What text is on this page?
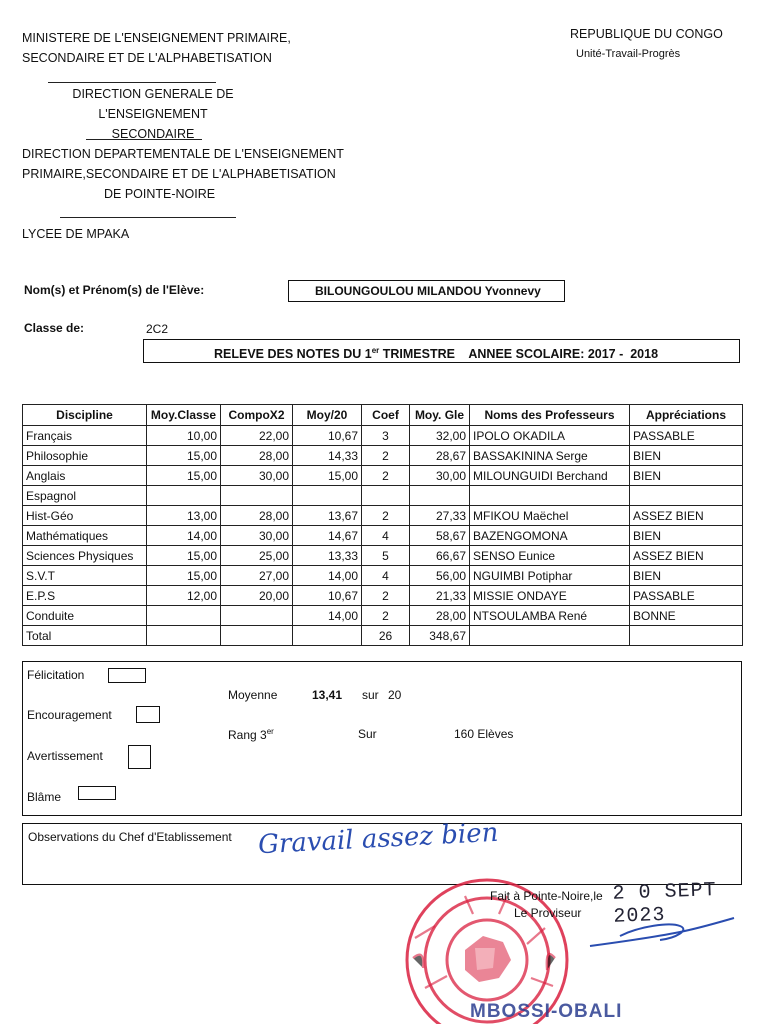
MINISTERE DE L'ENSEIGNEMENT PRIMAIRE,
SECONDAIRE ET DE L'ALPHABETISATION
DIRECTION GENERALE DE L'ENSEIGNEMENT
SECONDAIRE
DIRECTION DEPARTEMENTALE DE L'ENSEIGNEMENT
PRIMAIRE,SECONDAIRE ET DE L'ALPHABETISATION
DE POINTE-NOIRE
LYCEE DE MPAKA
REPUBLIQUE DU CONGO
Unité-Travail-Progrès
Nom(s) et Prénom(s) de l'Elève:	BILOUNGOULOU MILANDOU Yvonnevy
Classe de:	2C2
RELEVE DES NOTES DU 1er TRIMESTRE    ANNEE SCOLAIRE: 2017 -  2018
Discipline	Moy.Classe	CompoX2	Moy/20	Coef	Moy. Gle	Noms des Professeurs	Appréciations
Français	10,00	22,00	10,67	3	32,00	IPOLO OKADILA	PASSABLE
Philosophie	15,00	28,00	14,33	2	28,67	BASSAKININA Serge	BIEN
Anglais	15,00	30,00	15,00	2	30,00	MILOUNGUIDI Berchand	BIEN
Espagnol							
Hist-Géo	13,00	28,00	13,67	2	27,33	MFIKOU Maëchel	ASSEZ BIEN
Mathématiques	14,00	30,00	14,67	4	58,67	BAZENGOMONA	BIEN
Sciences Physiques	15,00	25,00	13,33	5	66,67	SENSO Eunice	ASSEZ BIEN
S.V.T	15,00	27,00	14,00	4	56,00	NGUIMBI Potiphar	BIEN
E.P.S	12,00	20,00	10,67	2	21,33	MISSIE ONDAYE	PASSABLE
Conduite			14,00	2	28,00	NTSOULAMBA René	BONNE
Total				26	348,67		
Félicitation
Encouragement
Avertissement
Blâme
Moyenne	13,41 sur 20
Rang 3er	Sur	160 Elèves
Observations du Chef d'Etablissement Gravail assez bien
Fait à Pointe-Noire,le 2 0 SEPT 2023
Le Proviseur
MBOSSI-OBALI
